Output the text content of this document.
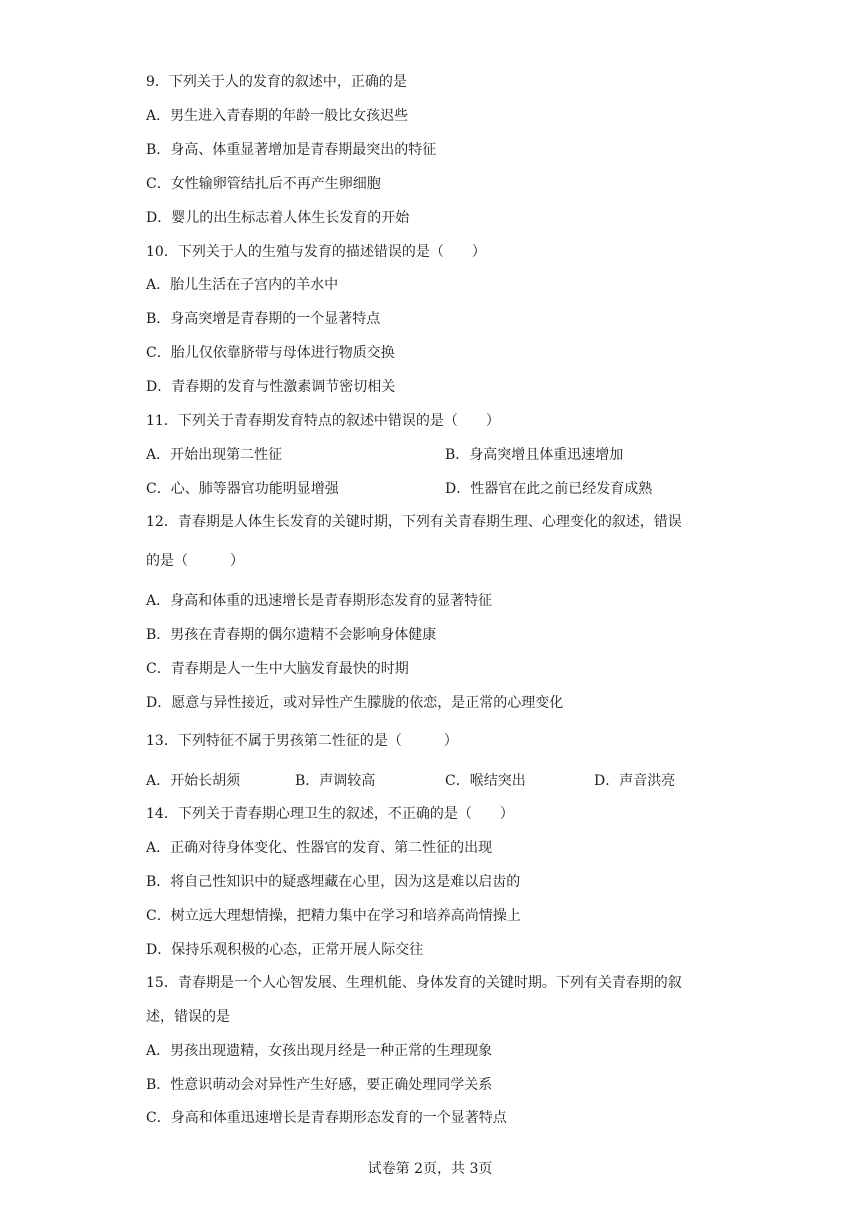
9．下列关于人的发育的叙述中，正确的是
A．男生进入青春期的年龄一般比女孩迟些
B．身高、体重显著增加是青春期最突出的特征
C．女性输卵管结扎后不再产生卵细胞
D．婴儿的出生标志着人体生长发育的开始
10．下列关于人的生殖与发育的描述错误的是（　　）
A．胎儿生活在子宫内的羊水中
B．身高突增是青春期的一个显著特点
C．胎儿仅依靠脐带与母体进行物质交换
D．青春期的发育与性激素调节密切相关
11．下列关于青春期发育特点的叙述中错误的是（　　）
A．开始出现第二性征	B．身高突增且体重迅速增加
C．心、肺等器官功能明显增强	D．性器官在此之前已经发育成熟
12．青春期是人体生长发育的关键时期，下列有关青春期生理、心理变化的叙述，错误
的是（　　　）
A．身高和体重的迅速增长是青春期形态发育的显著特征
B．男孩在青春期的偶尔遗精不会影响身体健康
C．青春期是人一生中大脑发育最快的时期
D．愿意与异性接近，或对异性产生朦胧的依恋，是正常的心理变化
13．下列特征不属于男孩第二性征的是（　　　）
A．开始长胡须	B．声调较高	C．喉结突出	D．声音洪亮
14．下列关于青春期心理卫生的叙述，不正确的是（　　）
A．正确对待身体变化、性器官的发育、第二性征的出现
B．将自己性知识中的疑惑埋藏在心里，因为这是难以启齿的
C．树立远大理想情操，把精力集中在学习和培养高尚情操上
D．保持乐观积极的心态，正常开展人际交往
15．青春期是一个人心智发展、生理机能、身体发育的关键时期。下列有关青春期的叙
述，错误的是
A．男孩出现遗精，女孩出现月经是一种正常的生理现象
B．性意识萌动会对异性产生好感，要正确处理同学关系
C．身高和体重迅速增长是青春期形态发育的一个显著特点
试卷第 2页，共 3页
